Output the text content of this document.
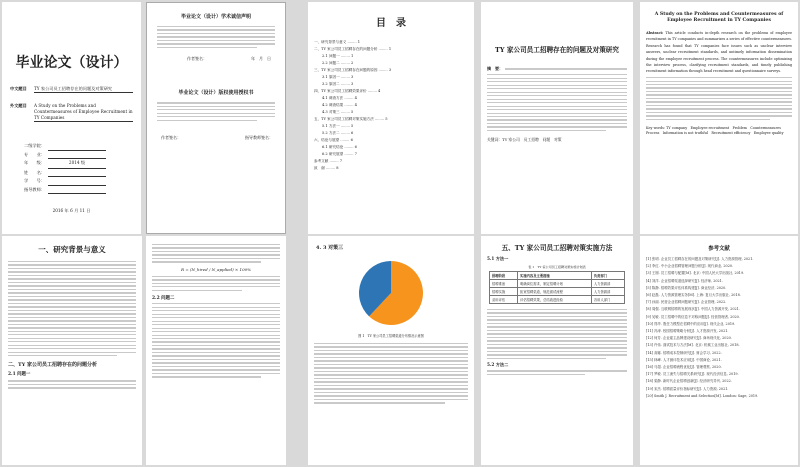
毕业论文（设计）
中文题目	TY 家公司员工招聘存在的问题及对策研究
外文题目	A Study on the Problems and Countermeasures of Employee Recruitment in TY Companies
二级学院：
专　　业：
年　　级：	2014 级
姓　　名：
学　　号：
指导教师：
2016 年 6 月 11 日
毕业论文（设计）学术诚信声明
作者签名：	年　月　日
毕业论文（设计）版权使用授权书
作者签名：	指导教师签名：
目　录
一、研究背景与意义 ........ 1
二、TY 家公司员工招聘存在的问题分析 ........ 1
2.1 问题一 ........ 1
2.2 问题二 ........ 2
三、TY 家公司员工招聘存在问题的原因 ........ 3
3.1 原因一 ........ 3
3.2 原因二 ........ 3
四、TY 家公司员工招聘效果评价 ........ 4
4.1 调查方法 ........ 4
4.2 调查结果 ........ 4
4.3 对策三 ........ 5
五、TY 家公司员工招聘对策实施方法 ........ 5
5.1 方法一 ........ 5
5.2 方法二 ........ 6
六、结论与展望 ........ 6
6.1 研究结论 ........ 6
6.2 研究展望 ........ 7
参考文献 ........ 7
致　谢 ........ 8
TY 家公司员工招聘存在的问题及对策研究
摘　要：
关键词：TY 家公司　员工招聘　问题　对策
A Study on the Problems and Countermeasures of Employee Recruitment in TY Companies
Abstract: This article conducts in-depth research on the problems of employee recruitment in TY companies and summarizes a series of effective countermeasures. Research has found that TY companies face issues such as unclear interview answers, unclear recruitment standards, and untimely information dissemination during the employee recruitment process. The countermeasures include optimizing the interview process, clarifying recruitment standards, and timely publishing recruitment information through head recruitment and questionnaire surveys.
Key words: TY company　Employee recruitment　Problem　Countermeasures　Process　Information is not truthful　Recruitment efficiency　Employee quality
一、研究背景与意义
二、TY 家公司员工招聘存在的问题分析
2.1 问题一
R = (N_hired / N_applied) × 100%
2.2 问题二
4. 3 对策三
图 1　TY 家公司员工招聘渠道分布情况示意图
五、TY 家公司员工招聘对策实施方法
5.1 方法一
表 1　TY 家公司员工招聘对策实施计划表
招聘阶段	实施内容及主要措施	负责部门
招聘准备	明确岗位需求，制定招聘计划	人力资源部
招聘实施	拓宽招聘渠道，规范面试流程	人力资源部
录用评估	评估招聘效果，总结改进经验	各用人部门
5.2 方法二
参考文献
[1] 张明. 企业员工招聘存在的问题及对策研究[J]. 人力资源管理, 2021.
[2] 李红. 中小企业招聘管理问题分析[J]. 现代商业, 2020.
[3] 王刚. 员工招聘与配置[M]. 北京: 中国人民大学出版社, 2019.
[4] 刘洋. 企业招聘渠道选择研究[J]. 经济师, 2021.
[5] 陈静. 招聘效果评估体系构建[J]. 商业经济, 2020.
[6] 赵磊. 人力资源管理实务[M]. 上海: 复旦大学出版社, 2018.
[7] 孙丽. 民营企业招聘问题研究[J]. 企业管理, 2022.
[8] 周强. 互联网招聘的发展现状[J]. 中国人力资源开发, 2021.
[9] 吴敏. 员工招聘中的信息不对称问题[J]. 经营管理者, 2020.
[10] 郑华. 胜任力模型在招聘中的应用[J]. 现代企业, 2019.
[11] 冯涛. 校园招聘策略分析[J]. 人才资源开发, 2021.
[12] 何芳. 企业雇主品牌建设研究[J]. 商场现代化, 2020.
[13] 许伟. 面试技术与方法[M]. 北京: 机械工业出版社, 2018.
[14] 高娜. 招聘成本控制研究[J]. 财会学习, 2022.
[15] 林峰. 人才测评技术应用[J]. 中国商论, 2021.
[16] 马超. 企业招聘流程优化[J]. 管理观察, 2020.
[17] 罗敏. 员工流失与招聘关系研究[J]. 现代经济信息, 2019.
[18] 梁静. 新时代企业招聘创新[J]. 经济研究导刊, 2022.
[19] 宋杰. 招聘质量评价指标研究[J]. 人力资源, 2021.
[20] Smith J. Recruitment and Selection[M]. London: Sage, 2019.
